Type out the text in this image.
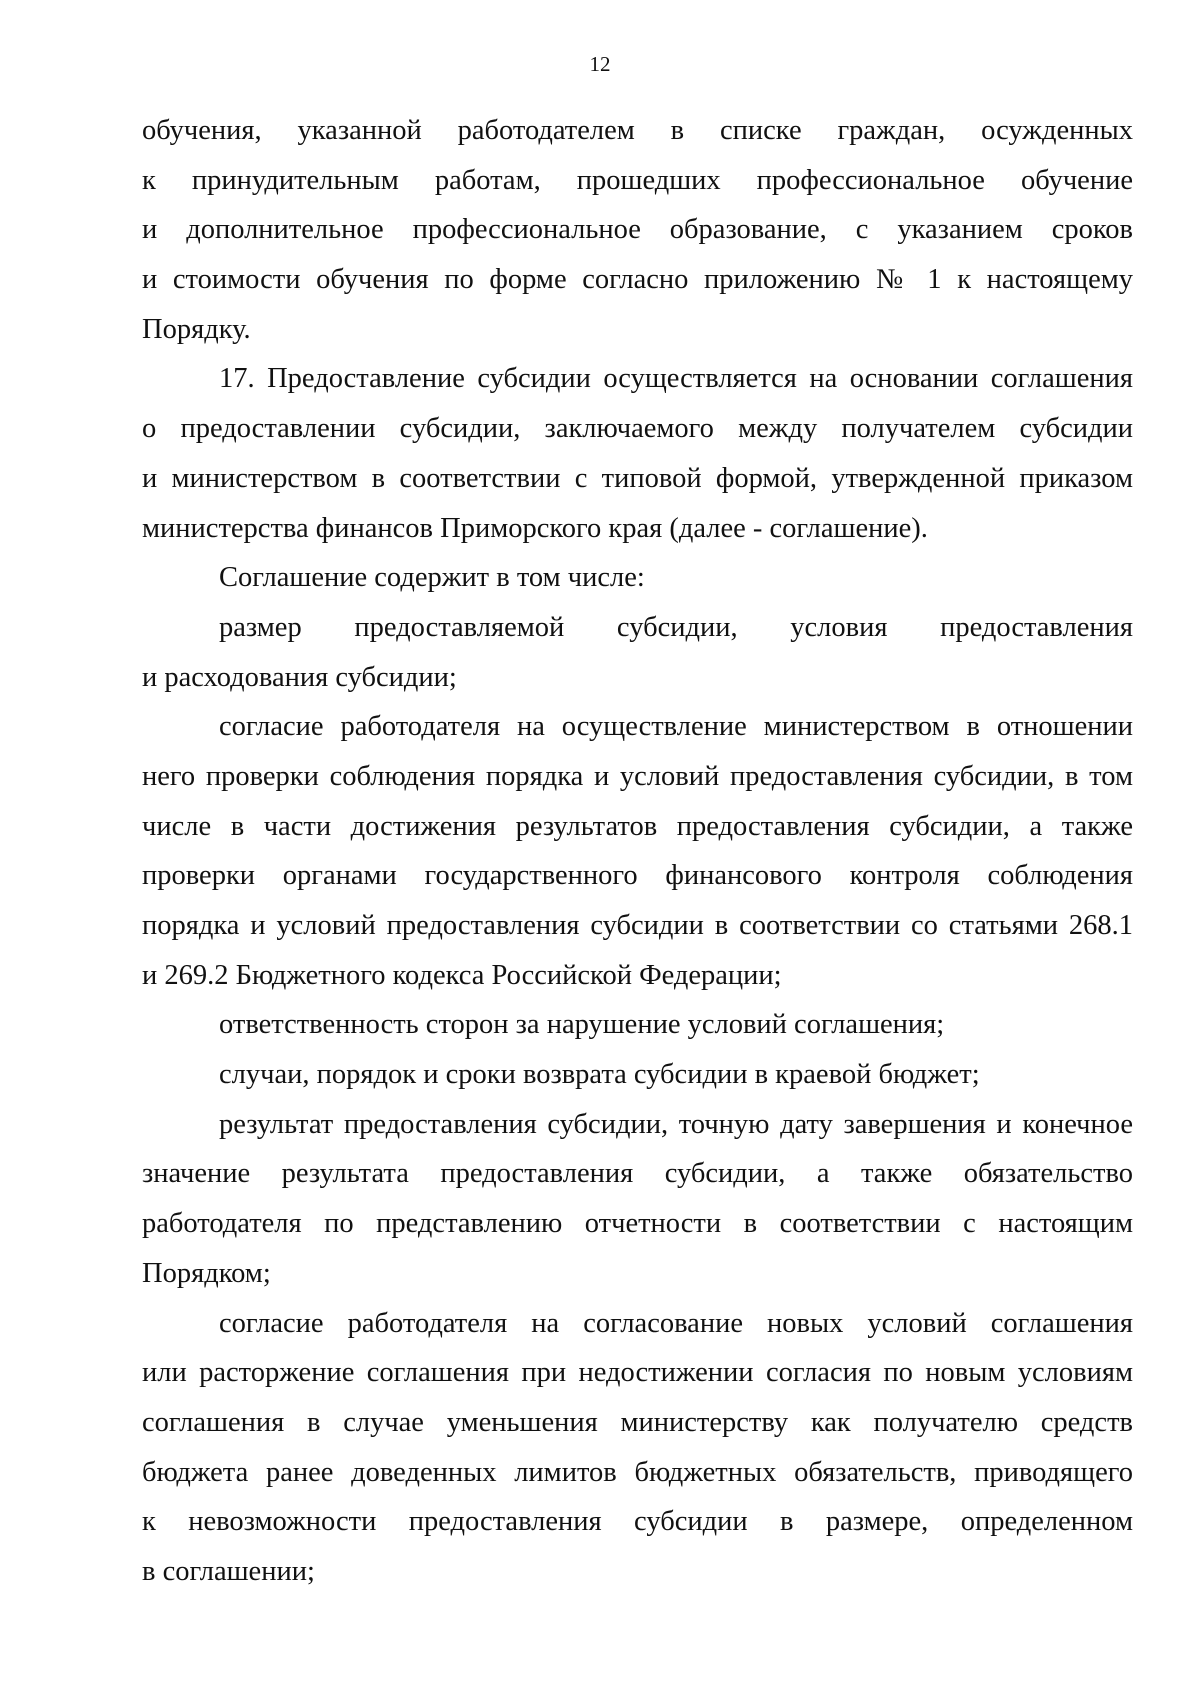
12
обучения, указанной работодателем в списке граждан, осужденных
к принудительным работам, прошедших профессиональное обучение
и дополнительное профессиональное образование, с указанием сроков
и стоимости обучения по форме согласно приложению № 1 к настоящему
Порядку.
17. Предоставление субсидии осуществляется на основании соглашения
о предоставлении субсидии, заключаемого между получателем субсидии
и министерством в соответствии с типовой формой, утвержденной приказом
министерства финансов Приморского края (далее - соглашение).
Соглашение содержит в том числе:
размер предоставляемой субсидии, условия предоставления
и расходования субсидии;
согласие работодателя на осуществление министерством в отношении
него проверки соблюдения порядка и условий предоставления субсидии, в том
числе в части достижения результатов предоставления субсидии, а также
проверки органами государственного финансового контроля соблюдения
порядка и условий предоставления субсидии в соответствии со статьями 268.1
и 269.2 Бюджетного кодекса Российской Федерации;
ответственность сторон за нарушение условий соглашения;
случаи, порядок и сроки возврата субсидии в краевой бюджет;
результат предоставления субсидии, точную дату завершения и конечное
значение результата предоставления субсидии, а также обязательство
работодателя по представлению отчетности в соответствии с настоящим
Порядком;
согласие работодателя на согласование новых условий соглашения
или расторжение соглашения при недостижении согласия по новым условиям
соглашения в случае уменьшения министерству как получателю средств
бюджета ранее доведенных лимитов бюджетных обязательств, приводящего
к невозможности предоставления субсидии в размере, определенном
в соглашении;
